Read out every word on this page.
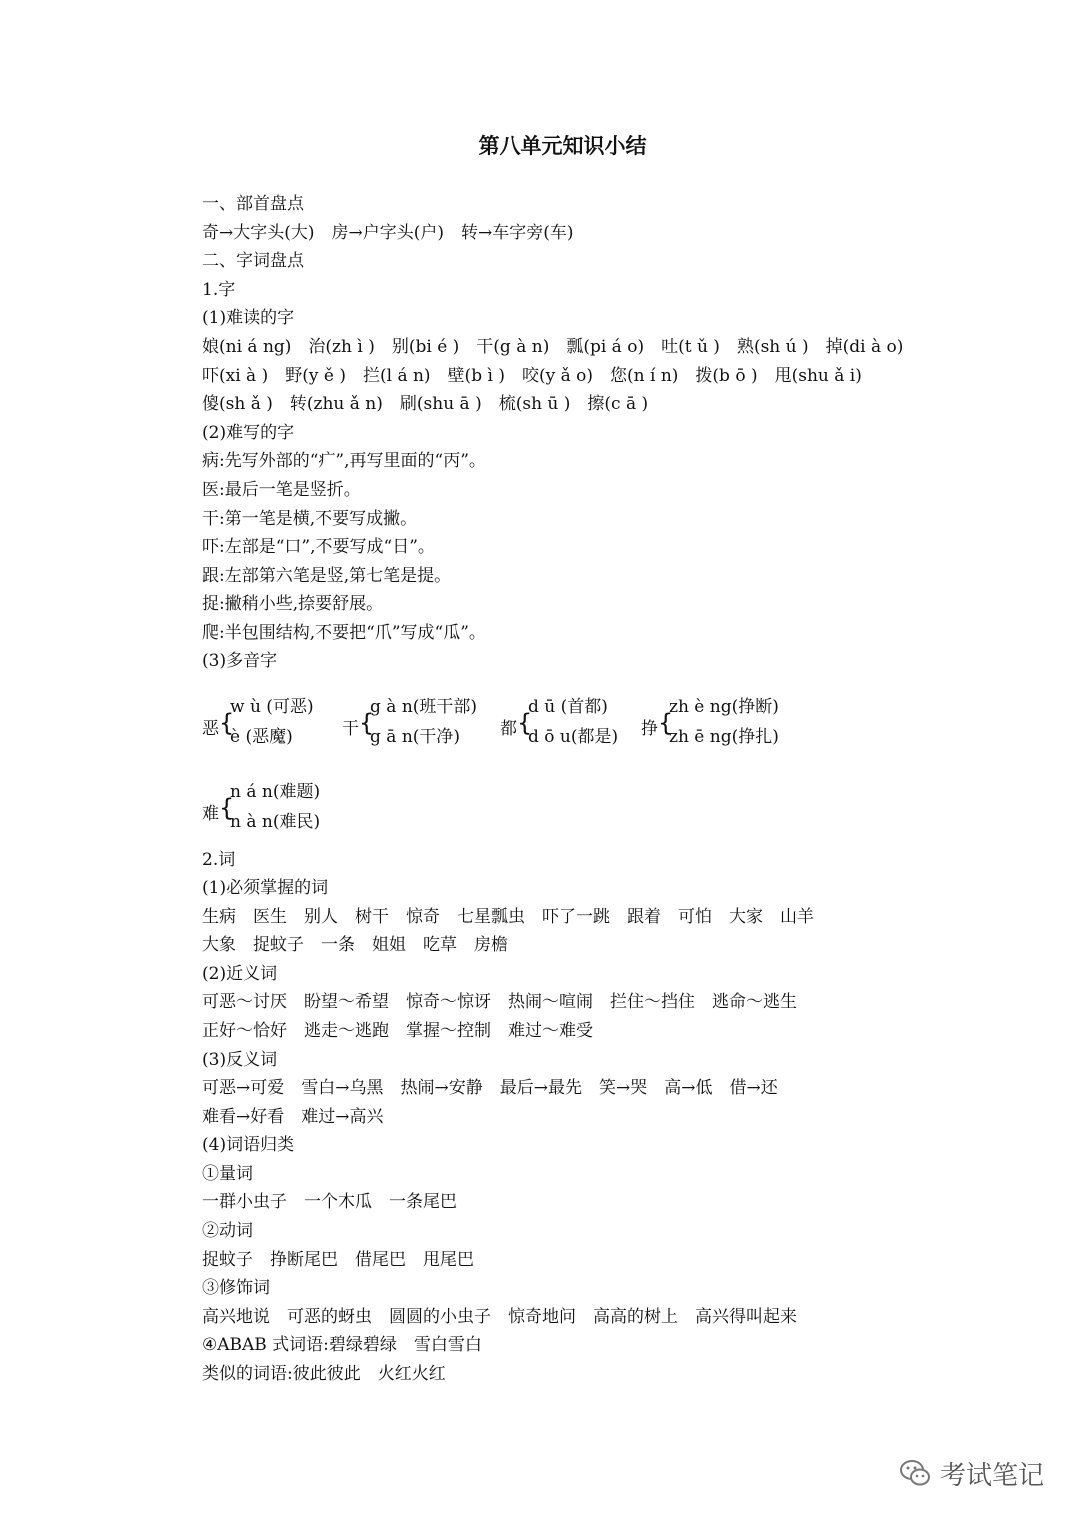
第八单元知识小结
一、部首盘点
奇→大字头(大)　房→户字头(户)　转→车字旁(车)
二、字词盘点
1.字
(1)难读的字
娘(ni á ng)　治(zh ì )　别(bi é )　干(g à n)　瓢(pi á o)　吐(t ǔ )　熟(sh ú )　掉(di à o)
吓(xi à )　野(y ě )　拦(l á n)　壁(b ì )　咬(y ǎ o)　您(n í n)　拨(b ō )　甩(shu ǎ i)
傻(sh ǎ )　转(zhu ǎ n)　刷(shu ā )　梳(sh ū )　擦(c ā )
(2)难写的字
病:先写外部的“疒”,再写里面的“丙”。
医:最后一笔是竖折。
干:第一笔是横,不要写成撇。
吓:左部是“口”,不要写成“日”。
跟:左部第六笔是竖,第七笔是提。
捉:撇稍小些,捺要舒展。
爬:半包围结构,不要把“爪”写成“瓜”。
(3)多音字
恶 {
w ù (可恶)
è (恶魔)	干 {
g à n(班干部)
g ā n(干净) 都 {
d ū (首都)
d ō u(都是) 挣 {
zh è ng(挣断)
zh ē ng(挣扎)
难 {
n á n(难题)
n à n(难民)
2.词
(1)必须掌握的词
生病　医生　别人　树干　惊奇　七星瓢虫　吓了一跳　跟着　可怕　大家　山羊
大象　捉蚊子　一条　姐姐　吃草　房檐
(2)近义词
可恶～讨厌　盼望～希望　惊奇～惊讶　热闹～喧闹　拦住～挡住　逃命～逃生
正好～恰好　逃走～逃跑　掌握～控制　难过～难受
(3)反义词
可恶→可爱　雪白→乌黑　热闹→安静　最后→最先　笑→哭　高→低　借→还
难看→好看　难过→高兴
(4)词语归类
①量词
一群小虫子　一个木瓜　一条尾巴
②动词
捉蚊子　挣断尾巴　借尾巴　甩尾巴
③修饰词
高兴地说　可恶的蚜虫　圆圆的小虫子　惊奇地问　高高的树上　高兴得叫起来
④ABAB 式词语:碧绿碧绿　雪白雪白
类似的词语:彼此彼此　火红火红
考试笔记
